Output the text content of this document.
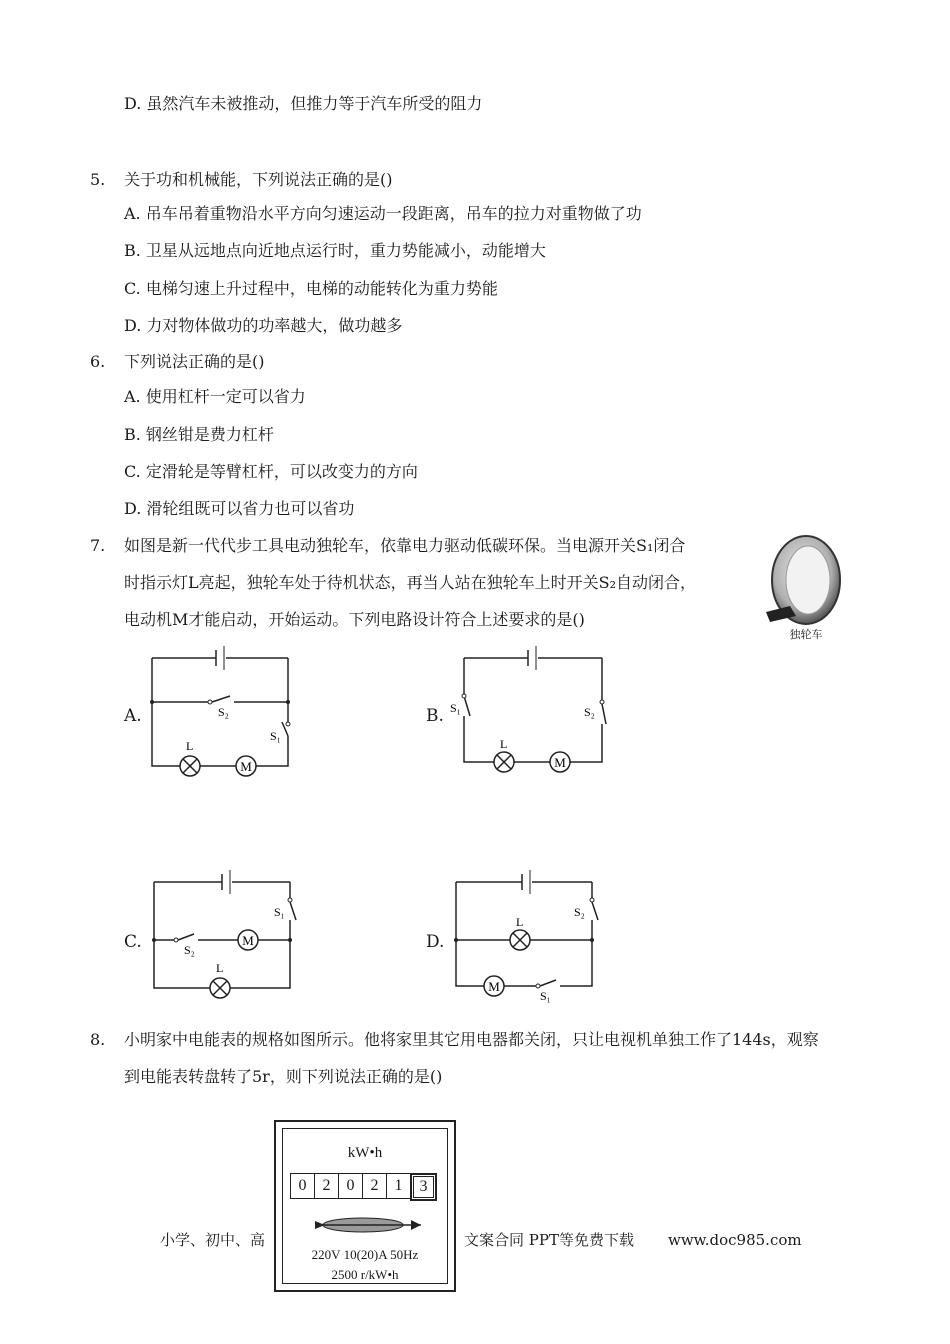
D. 虽然汽车未被推动，但推力等于汽车所受的阻力
5. 关于功和机械能，下列说法正确的是()
A. 吊车吊着重物沿水平方向匀速运动一段距离，吊车的拉力对重物做了功
B. 卫星从远地点向近地点运行时，重力势能减小，动能增大
C. 电梯匀速上升过程中，电梯的动能转化为重力势能
D. 力对物体做功的功率越大，做功越多
6. 下列说法正确的是()
A. 使用杠杆一定可以省力
B. 钢丝钳是费力杠杆
C. 定滑轮是等臂杠杆，可以改变力的方向
D. 滑轮组既可以省力也可以省功
7. 如图是新一代代步工具电动独轮车，依靠电力驱动低碳环保。当电源开关S₁闭合
时指示灯L亮起，独轮车处于待机状态，再当人站在独轮车上时开关S₂自动闭合，
电动机M才能启动，开始运动。下列电路设计符合上述要求的是()
独轮车
A.
M
L
S₂
S₁
B.
M
L
S₁	S₂
C.	M
L
S₂
S₁
D.
M
L
S₁
S₂
8. 小明家中电能表的规格如图所示。他将家里其它用电器都关闭，只让电视机单独工作了144s，观察
到电能表转盘转了5r，则下列说法正确的是()
kW•h
0	2	0	2	1	3
220V 10(20)A 50Hz
2500 r/kW•h
小学、初中、高	文案合同 PPT等免费下载 www.doc985.com
